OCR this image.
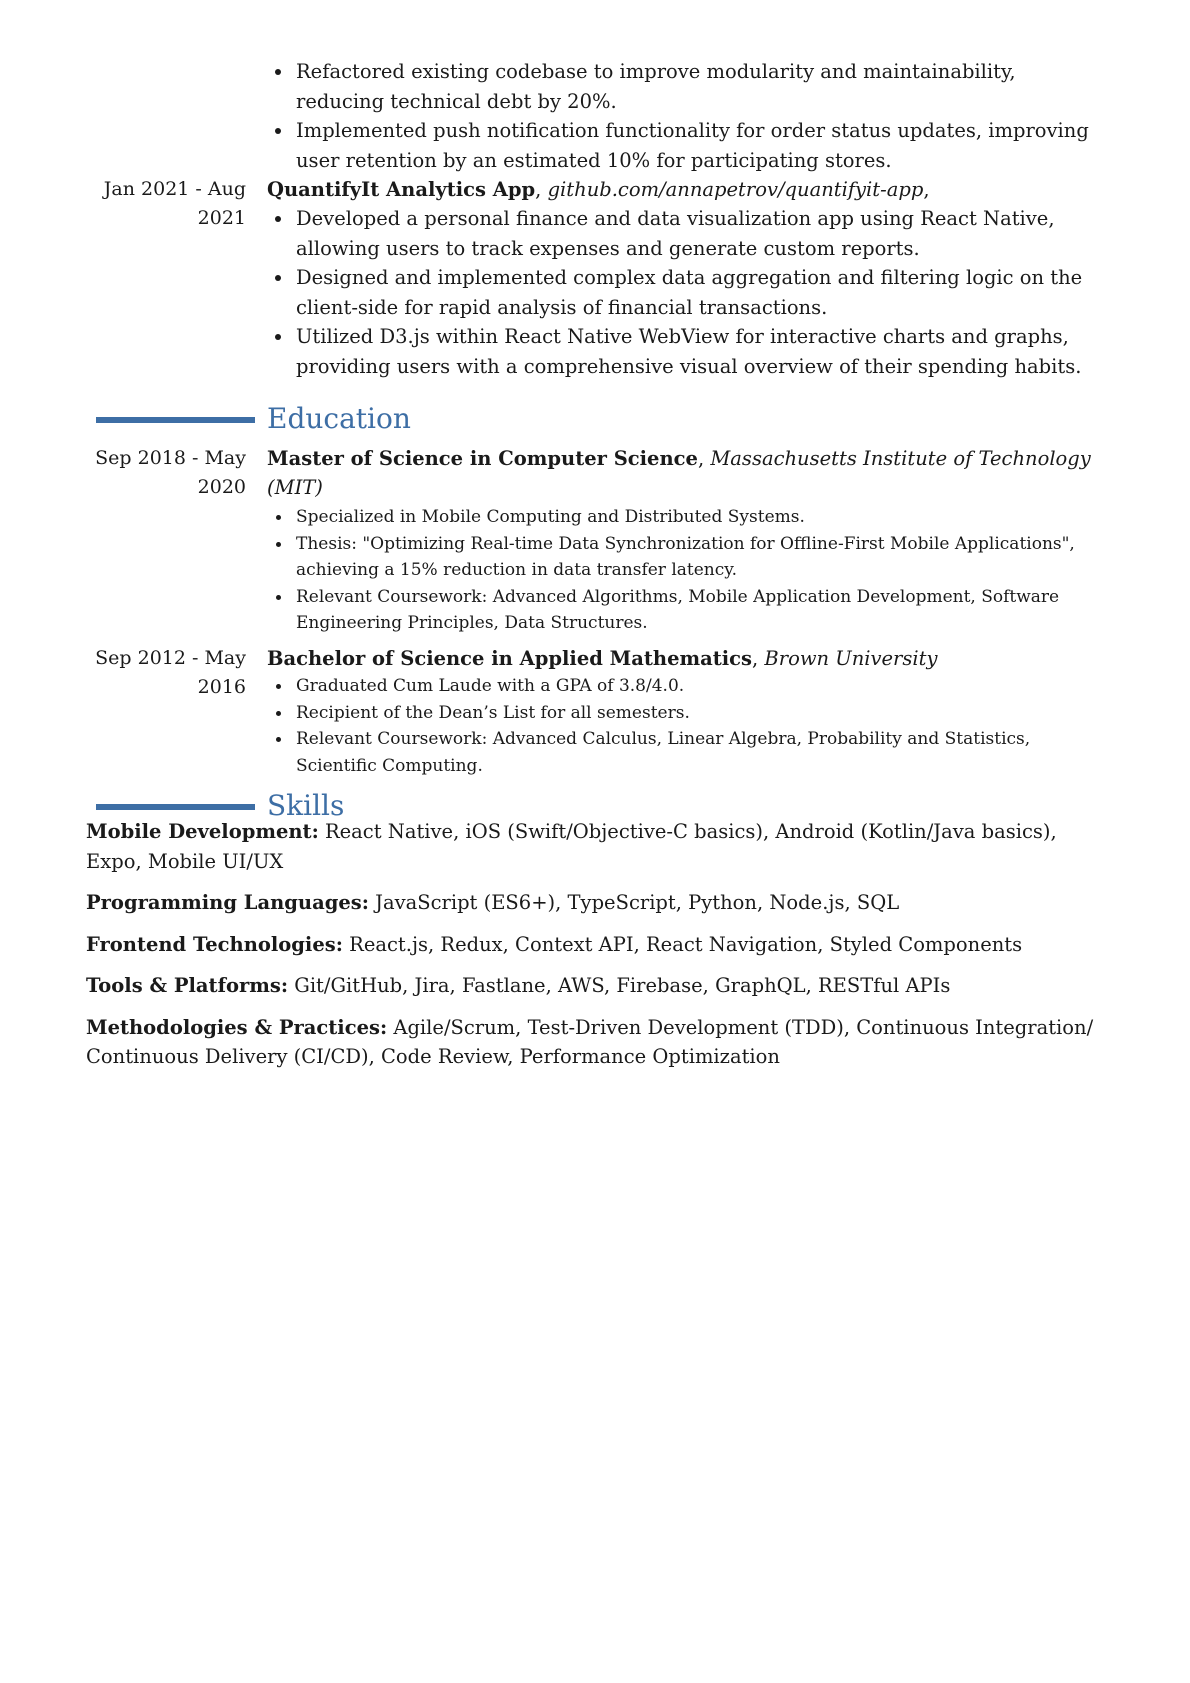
Refactored existing codebase to improve modularity and maintainability, reducing technical debt by 20%.
Implemented push notification functionality for order status updates, improving user retention by an estimated 10% for participating stores.
Jan 2021 - Aug 2021
QuantifyIt Analytics App, github.com/annapetrov/quantifyit-app,
Developed a personal finance and data visualization app using React Native, allowing users to track expenses and generate custom reports.
Designed and implemented complex data aggregation and filtering logic on the client-side for rapid analysis of financial transactions.
Utilized D3.js within React Native WebView for interactive charts and graphs, providing users with a comprehensive visual overview of their spending habits.
Education
Sep 2018 - May 2020
Master of Science in Computer Science, Massachusetts Institute of Technology (MIT)
Specialized in Mobile Computing and Distributed Systems.
Thesis: "Optimizing Real-time Data Synchronization for Offline-First Mobile Applications", achieving a 15% reduction in data transfer latency.
Relevant Coursework: Advanced Algorithms, Mobile Application Development, Software Engineering Principles, Data Structures.
Sep 2012 - May 2016
Bachelor of Science in Applied Mathematics, Brown University
Graduated Cum Laude with a GPA of 3.8/4.0.
Recipient of the Dean’s List for all semesters.
Relevant Coursework: Advanced Calculus, Linear Algebra, Probability and Statistics, Scientific Computing.
Skills
Mobile Development: React Native, iOS (Swift/Objective-C basics), Android (Kotlin/Java basics), Expo, Mobile UI/UX
Programming Languages: JavaScript (ES6+), TypeScript, Python, Node.js, SQL
Frontend Technologies: React.js, Redux, Context API, React Navigation, Styled Components
Tools & Platforms: Git/GitHub, Jira, Fastlane, AWS, Firebase, GraphQL, RESTful APIs
Methodologies & Practices: Agile/Scrum, Test-Driven Development (TDD), Continuous Integration/ Continuous Delivery (CI/CD), Code Review, Performance Optimization
